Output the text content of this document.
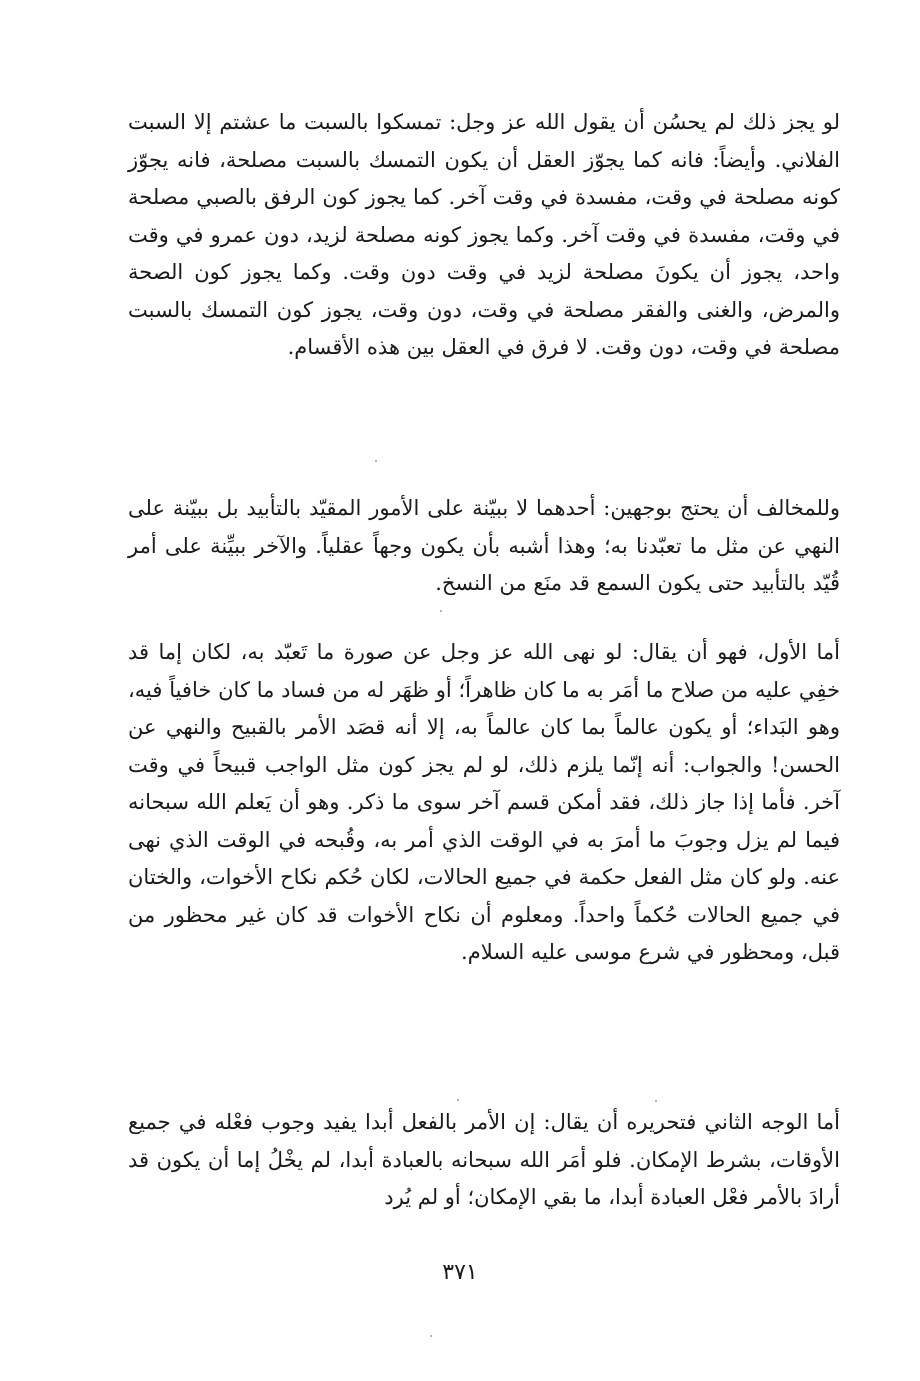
لو يجز ذلك لم يحسُن أن يقول الله عز وجل: تمسكوا بالسبت ما عشتم إلا السبت الفلاني. وأيضاً: فانه كما يجوّز العقل أن يكون التمسك بالسبت مصلحة، فانه يجوّز كونه مصلحة في وقت، مفسدة في وقت آخر. كما يجوز كون الرفق بالصبي مصلحة في وقت، مفسدة في وقت آخر. وكما يجوز كونه مصلحة لزيد، دون عمرو في وقت واحد، يجوز أن يكونَ مصلحة لزيد في وقت دون وقت. وكما يجوز كون الصحة والمرض، والغنى والفقر مصلحة في وقت، دون وقت، يجوز كون التمسك بالسبت مصلحة في وقت، دون وقت. لا فرق في العقل بين هذه الأقسام.

وللمخالف أن يحتج بوجهين: أحدهما لا ببيّنة على الأمور المقيّد بالتأبيد بل ببيّنة على النهي عن مثل ما تعبّدنا به؛ وهذا أشبه بأن يكون وجهاً عقلياً. والآخر ببيِّنة على أمر قُيّد بالتأبيد حتى يكون السمع قد منَع من النسخ.

أما الأول، فهو أن يقال: لو نهى الله عز وجل عن صورة ما تَعبّد به، لكان إما قد خفِي عليه من صلاح ما أمَر به ما كان ظاهراً؛ أو ظهَر له من فساد ما كان خافياً فيه، وهو البَداء؛ أو يكون عالماً بما كان عالماً به، إلا أنه قصَد الأمر بالقبيح والنهي عن الحسن! والجواب: أنه إنّما يلزم ذلك، لو لم يجز كون مثل الواجب قبيحاً في وقت آخر. فأما إذا جاز ذلك، فقد أمكن قسم آخر سوى ما ذكر. وهو أن يَعلم الله سبحانه فيما لم يزل وجوبَ ما أمرَ به في الوقت الذي أمر به، وقُبحه في الوقت الذي نهى عنه. ولو كان مثل الفعل حكمة في جميع الحالات، لكان حُكم نكاح الأخوات، والختان في جميع الحالات حُكماً واحداً. ومعلوم أن نكاح الأخوات قد كان غير محظور من قبل، ومحظور في شرع موسى عليه السلام.

أما الوجه الثاني فتحريره أن يقال: إن الأمر بالفعل أبدا يفيد وجوب فعْله في جميع الأوقات، بشرط الإمكان. فلو أمَر الله سبحانه بالعبادة أبدا، لم يخْلُ إما أن يكون قد أرادَ بالأمر فعْل العبادة أبدا، ما بقي الإمكان؛ أو لم يُرد

٣٧١
